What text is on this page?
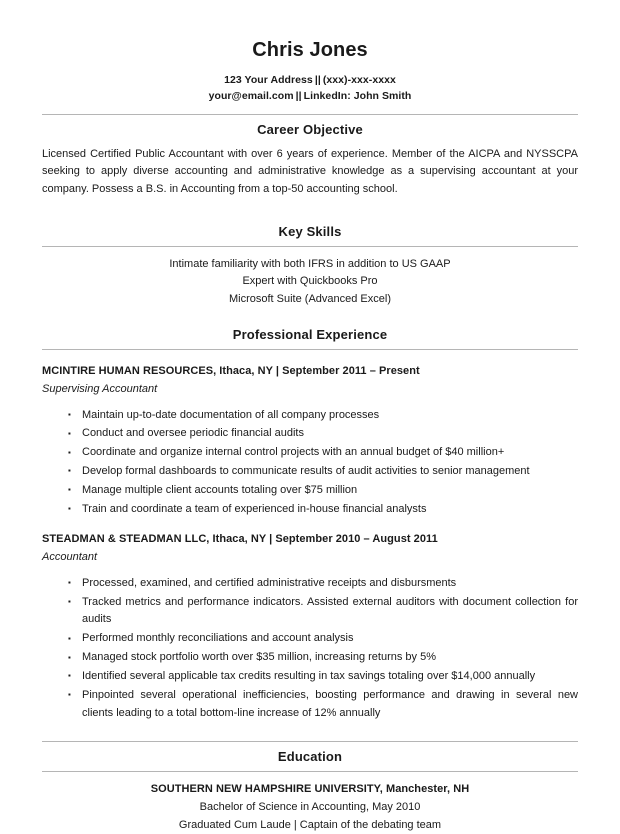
Chris Jones
123 Your Address || (xxx)-xxx-xxxx
your@email.com || LinkedIn: John Smith
Career Objective
Licensed Certified Public Accountant with over 6 years of experience. Member of the AICPA and NYSSCPA seeking to apply diverse accounting and administrative knowledge as a supervising accountant at your company. Possess a B.S. in Accounting from a top-50 accounting school.
Key Skills
Intimate familiarity with both IFRS in addition to US GAAP
Expert with Quickbooks Pro
Microsoft Suite (Advanced Excel)
Professional Experience
MCINTIRE HUMAN RESOURCES, Ithaca, NY | September 2011 – Present
Supervising Accountant
▪ Maintain up-to-date documentation of all company processes
▪ Conduct and oversee periodic financial audits
▪ Coordinate and organize internal control projects with an annual budget of $40 million+
▪ Develop formal dashboards to communicate results of audit activities to senior management
▪ Manage multiple client accounts totaling over $75 million
▪ Train and coordinate a team of experienced in-house financial analysts
STEADMAN & STEADMAN LLC, Ithaca, NY | September 2010 – August 2011
Accountant
▪ Processed, examined, and certified administrative receipts and disbursments
▪ Tracked metrics and performance indicators. Assisted external auditors with document collection for audits
▪ Performed monthly reconciliations and account analysis
▪ Managed stock portfolio worth over $35 million, increasing returns by 5%
▪ Identified several applicable tax credits resulting in tax savings totaling over $14,000 annually
▪ Pinpointed several operational inefficiencies, boosting performance and drawing in several new clients leading to a total bottom-line increase of 12% annually
Education
SOUTHERN NEW HAMPSHIRE UNIVERSITY, Manchester, NH
Bachelor of Science in Accounting, May 2010
Graduated Cum Laude | Captain of the debating team
